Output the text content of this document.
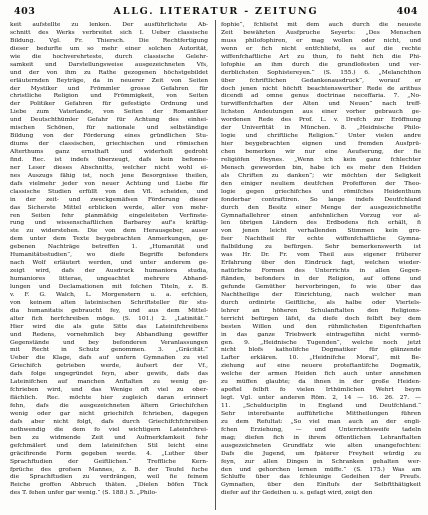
403	ALLG. LITERATUR - ZEITUNG	404
keit aufstellte zu lenken. Der ausführlichste Ab-
schnitt des Werks verbreitet sich I. Ueber classische
Bildung. Vgl. Fr. Thiersch. Die Rechtfertigung
dieser bedurfte um so mehr einer solchen Autorität,
wie die hochverehrteste, durch classische Gelehr-
samkeit und Darstellungsweise ausgezeichneten Vfs,
und der von ihm zu Rathe gezogenen höchstgebildet
erläuternden Beyträge, da in neuerer Zeit von Seiten
der Mystiker und Frömmler grosse Gefahren für
christliche Religion und Frömmigkeit, von Seiten
der Politiker Gefahren für gefestigte Ordnung und
Liebe zum Vaterlande, von Seiten der Romantiker
und Deutschthümler Gefahr für Achtung des einhei-
mischen Schönen, für nationale und selbständige
Bildung von der Förderung eines gründlichen Stu-
diums der classischen, griechischen und römischen
Alterthums ganz ernsthaft und widerholt gedroht
find. Rec. ist indefs überzeugt, dafs kein befonne-
ner Leser dieses Abschnitts, welcher nicht wohl ei-
nes Auszugs fähig ist, noch jene Besorgnisse theilen,
dafs vielmehr jeder von neuer Achtung und Liebe für
classische Studien erfüllt von den Vfl. scheiden, und
in der zeit- und zweckgemäfsen Förderung dieser
das Sicherste Mittel erblicken werde, aller von mehr-
ren Seiten fehr planmäfsig eingeleiteten Verfinste-
rung und wissenschaftlichen Barbarey auf's kräftig-
ste zu widerstehen. Die von dem Herausgeber, auser
dem unter dem Texte beygebrachten Anmerkungen, ge-
gebenen Nachträge betreffen 1. „Humanität und
Humanitätsstudien“, wo diefe Begriffe befonders
nach Wolf erläutert werden, und unter anderem ge-
zeigt wird, dafs der Ausdruck humaniora studia,
humaniores litterae, ungeachtet mehrere Abhand-
lungen und Declamationen mit folchen Titeln, z. B.
v. F. G. Walch, L. Morgenstern u. a. erfchien,
von keinem alten lateinischen Schriftsteller für stu-
dia humanitatis gebraucht fey, und aus dem Mittel-
alter fich herfchreiben möge. (S. 101.) 2. „Latinität.“
Hier wird die als gute Sitte das Lateinifchreibens
und Redens, vornehmlich bey Abhandlung gewiffer
Gegenstände und bey befonderen Veranlassungen
mit Recht in Schutz genommen. 3. „Gräcität.“
Ueber die Klage, dafs auf unfern Gymnafien zu viel
Griechifch getrieben werde, äufsert der Vf.,
dafs folge ungegründet feyn, aber gewifs, dafs das
Lateinifchen auf manchen Anftalten zu wenig ge-
fchrieben wird, und das Wenige oft viel zu ober-
flächlich. Rec. möchte hier zugleich daran erinnert
fehn, dafs die ausgezeichneten ältern Griechifchen
wenig oder gar nicht griechifch fchrieben, dagegen
dafs aber nicht folgt, dafs durch Griechifchfchreiben
nothwendig die dem fo viel wichtigern Lateinfchrei-
ben zu widmende Zeit und Aufmerkfamkeit fehr
gefchmälert und dem lateinifchen Stil leicht eine
gräcifirende Form gegeben werde. 4. „Luther über
Sprachftudien der Geiftlichen.“ Treffliche Kern-
fprüche des grofsen Mannes, z. B. der Teufel fuche
die Sprachftudien zu verdrängen, weil fie feinem
Reiche groffen Abbruch thäten. „Dielen böfen Tück
des T. fehen unfer gar wenig.“ (S. 188.) 5. „Philo-
fophie“, fchliefst mit dem auch durch die neueste
Zeit bewährten Ausfpruche Seyerts: „Des Menschen
muss philofophiren, er mag wollen oder nicht, und
wenn er fich nicht entfchliefst, es auf die rechte
wiffenfchaftliche Art zu thun, fo fieht fich die Phi-
lofophie an ihm durch die grundlofesten und ver-
derblichsten Sophistereyen.“ (S. 155.) 6. „Melanchthon
über fchriftlichen Gedankenausdruck“, worauf er
doch jenen nicht höchft beachtenswerther Rede de arithus
dicendi ad omne genus doctrinae neceffaria. 7. „No-
turwiffenfchaften der Alten und Neuen“ nach treff-
lichsten Andeutungen aus einer vorher gebrauch ge-
wordenen Rede des Prof. L. v. Drefch zur Eröffnung
der Univerfität in München. 8. „Heidnische Philo-
logie und chriftliche Religion.“ Unter vielen andre
hier beygebrachten eignen und fremden Ausfprü-
chen bemerken wir nur eine Aeufserung, der fie
religiöfen Heynes. „Wenn ich kein ganz fchlechter
Mensch gewworden bin, habe ich es mehr den Heiden
als Chriften zu danken“; wir möchten der Seligkeit
den einiger neuliem deutfchen Profefforen der Theo-
logie gegen griechifches und römifches Heidenthum
fonderbar contraftiren. So lange indefs Deutfchland
durch den Besitz einer Menge der ausgezeichnetfte
Gymnafiallehrer einen anfehnlichen Vorzug vor al-
len übrigen Ländern des Erdbodens fich erhält, fi
von jenen leicht verhallenden Stimmen kein gro-
fser Nachtheil für echte wiffenfchaftliche Gymna-
fialbildung zu befürgen. Sehr bemerkenswerth ist
was Hr. Dr. Fr. vom Theil aus eigener früherer
Erfahrung über den Eindruck fagt, welchen wieder-
natürliche Formen des Unterrichts in allen Gegen-
ftänden, befonders in der Religion, auf offene und
gefunde Gemüther hervorbringen, fo wie über das
Nachtheilige der Einrichtung, nach welcher man
durch ordinirte Geiftliche, als halbe oder Viertels-
lehrer an höheren Schulanftalten den Religions-
terricht befürgen läfst, da diefe doch felbft bey dem
besten Willen und den rühmlichsten Eigenfchaften
in das ganze Triebwerk eintragefiihn nicht vermö-
gen. 9. „Heidnische Tugenden“, welche noch jetzt
nicht blofs katholifche Dogmatiker für glänzende
Lafter erklären. 10. „Heidnifche Moral“, mit Be-
ziehung auf eine neuere proteftantifche Dogmatik,
welche der armen Heiden fich auch unter annehmen
zu müffen glaubte; da ihnen in der große Heiden-
apoftel felbft fo vielen Irthümlichen Wehrt beym
legt. Vgl. unter anderen Röm. 2, 14 — 16. 26. 27. —
11. „Schulduciplin in England und Deutfchland.“
Sehr interefsante aufführliche Mittheilungen führen
zu dem Refultat: „So viel man auch an der engli-
fchen Erziehung, — und Unterrichtsweife tadeln
mag; diefen fich in ihrem öffentlichen Lehranftalten
ausgezeichneten Grundfatz wie alten unangefochten:
Dafs die Jugend, um fpäterer Freyheit würdig zu
feyn, zur allen Dingen in Schranken gehalten wer-
den und gehorchen lernen müffe.“ (S. 175.) Was am
Schluffe über das fchleunige Gedeihen der Preufs.
Gymnafien, über den Einflufs der Selbftthätigkeit
diefer auf ihr Gedeihen u. s. gefagt wird, zeigt den
